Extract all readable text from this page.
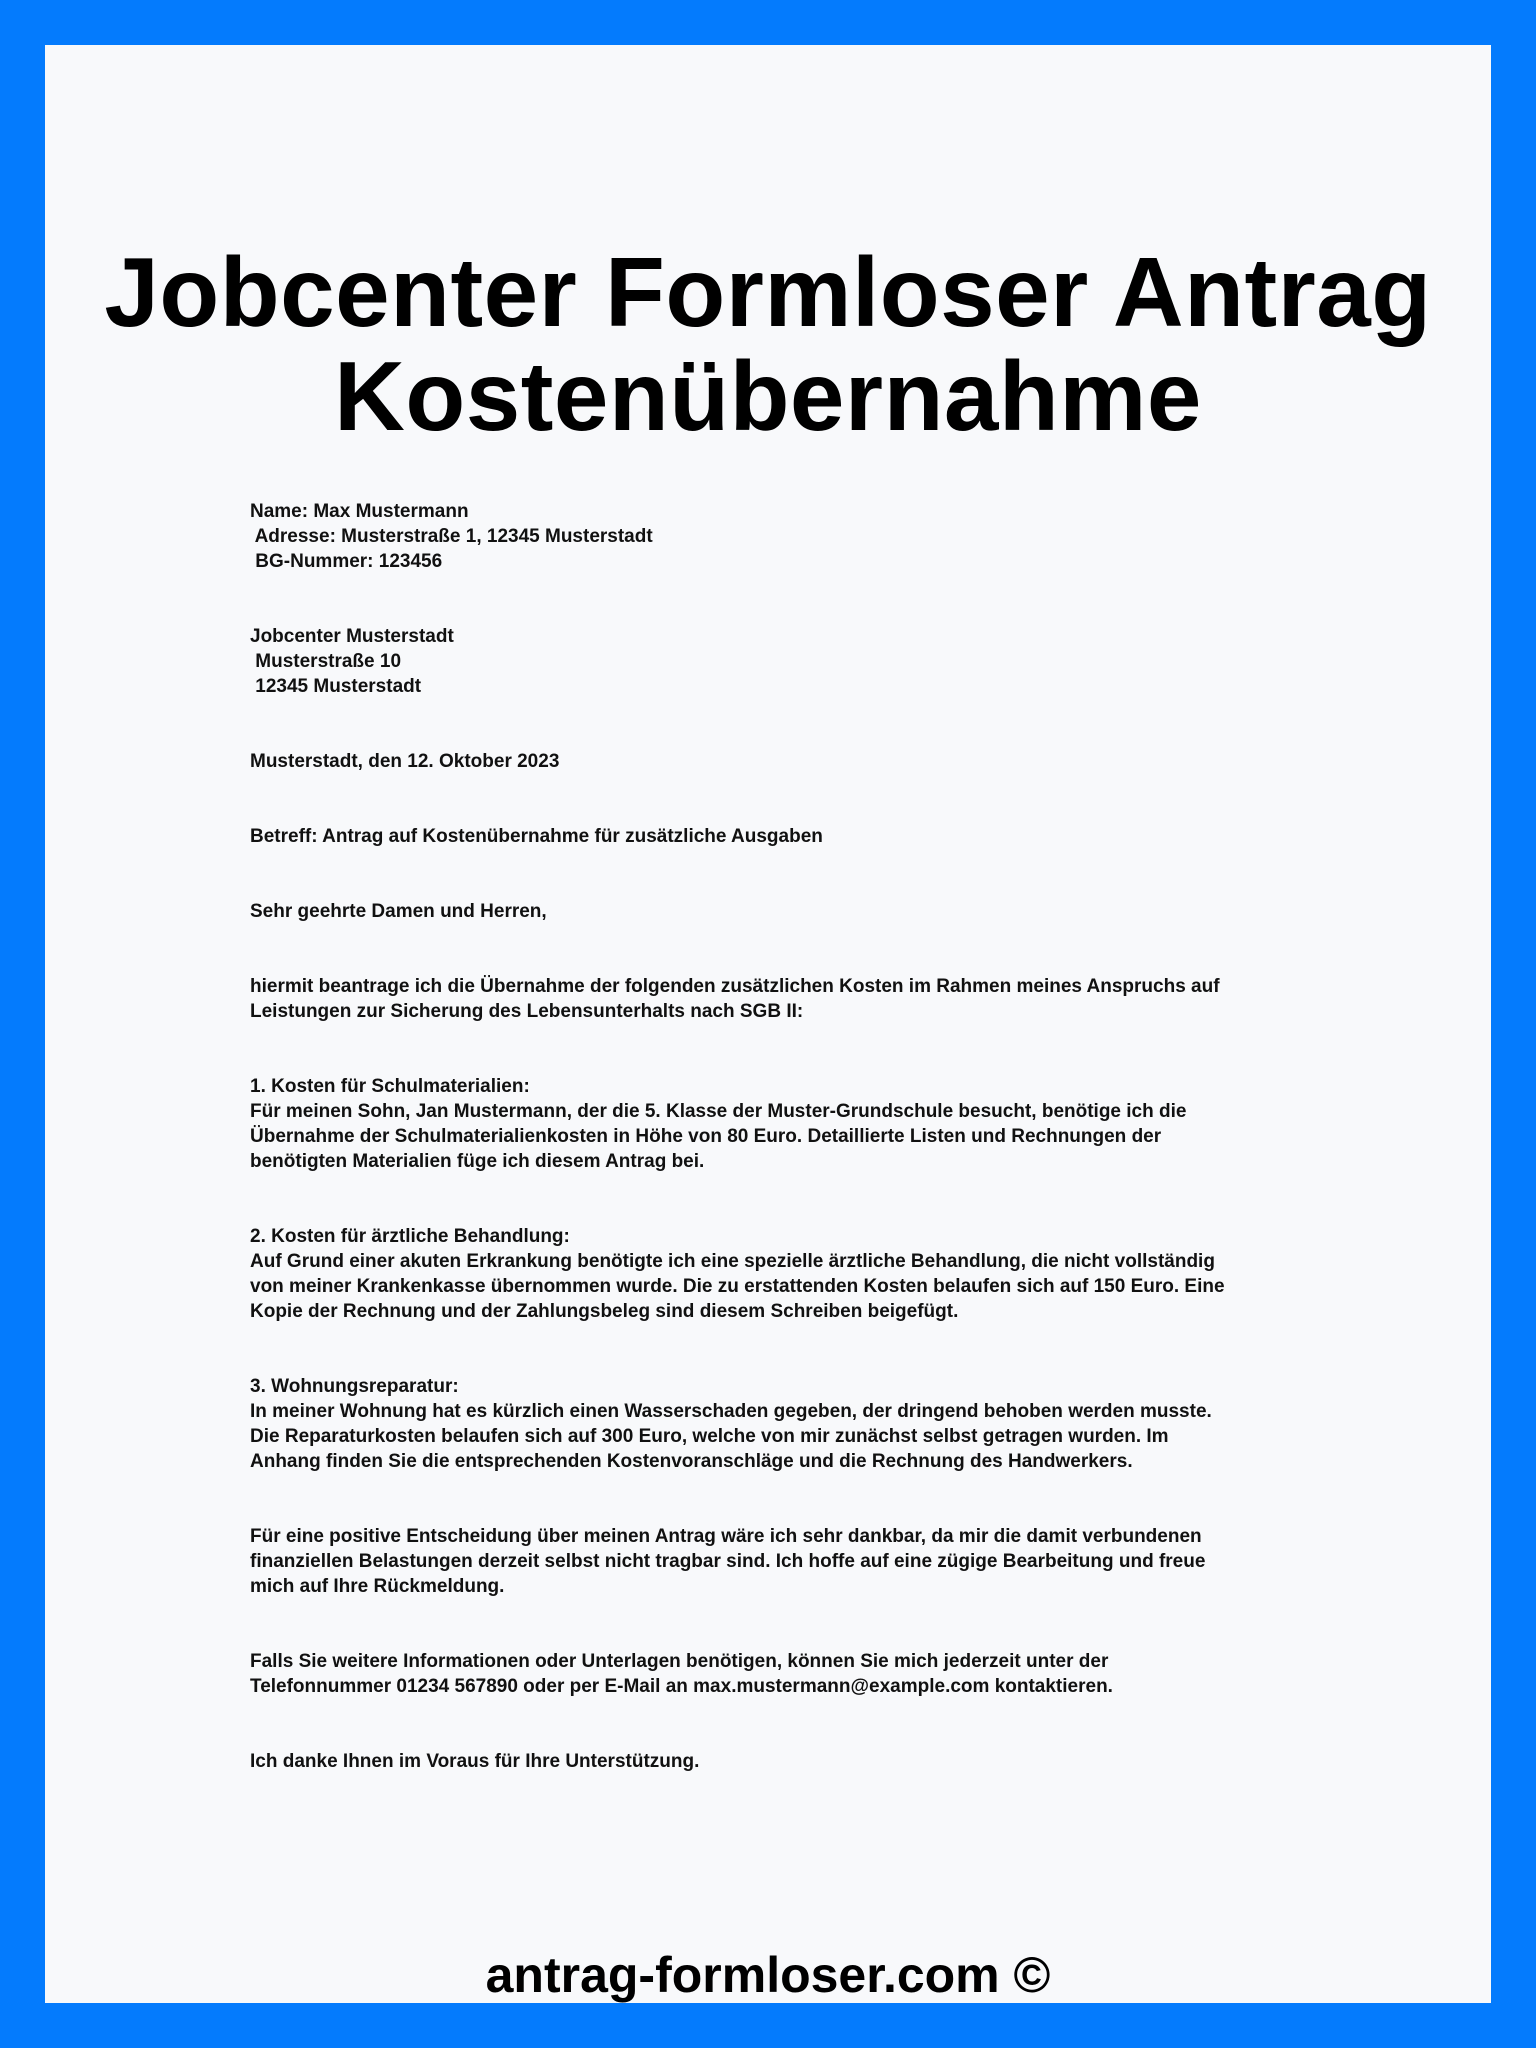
Jobcenter Formloser Antrag
Kostenübernahme
Name: Max Mustermann
Adresse: Musterstraße 1, 12345 Musterstadt
BG-Nummer: 123456
Jobcenter Musterstadt
Musterstraße 10
12345 Musterstadt
Musterstadt, den 12. Oktober 2023
Betreff: Antrag auf Kostenübernahme für zusätzliche Ausgaben
Sehr geehrte Damen und Herren,
hiermit beantrage ich die Übernahme der folgenden zusätzlichen Kosten im Rahmen meines Anspruchs auf
Leistungen zur Sicherung des Lebensunterhalts nach SGB II:
1. Kosten für Schulmaterialien:
Für meinen Sohn, Jan Mustermann, der die 5. Klasse der Muster-Grundschule besucht, benötige ich die
Übernahme der Schulmaterialienkosten in Höhe von 80 Euro. Detaillierte Listen und Rechnungen der
benötigten Materialien füge ich diesem Antrag bei.
2. Kosten für ärztliche Behandlung:
Auf Grund einer akuten Erkrankung benötigte ich eine spezielle ärztliche Behandlung, die nicht vollständig
von meiner Krankenkasse übernommen wurde. Die zu erstattenden Kosten belaufen sich auf 150 Euro. Eine
Kopie der Rechnung und der Zahlungsbeleg sind diesem Schreiben beigefügt.
3. Wohnungsreparatur:
In meiner Wohnung hat es kürzlich einen Wasserschaden gegeben, der dringend behoben werden musste.
Die Reparaturkosten belaufen sich auf 300 Euro, welche von mir zunächst selbst getragen wurden. Im
Anhang finden Sie die entsprechenden Kostenvoranschläge und die Rechnung des Handwerkers.
Für eine positive Entscheidung über meinen Antrag wäre ich sehr dankbar, da mir die damit verbundenen
finanziellen Belastungen derzeit selbst nicht tragbar sind. Ich hoffe auf eine zügige Bearbeitung und freue
mich auf Ihre Rückmeldung.
Falls Sie weitere Informationen oder Unterlagen benötigen, können Sie mich jederzeit unter der
Telefonnummer 01234 567890 oder per E-Mail an max.mustermann@example.com kontaktieren.
Ich danke Ihnen im Voraus für Ihre Unterstützung.
antrag-formloser.com ©
